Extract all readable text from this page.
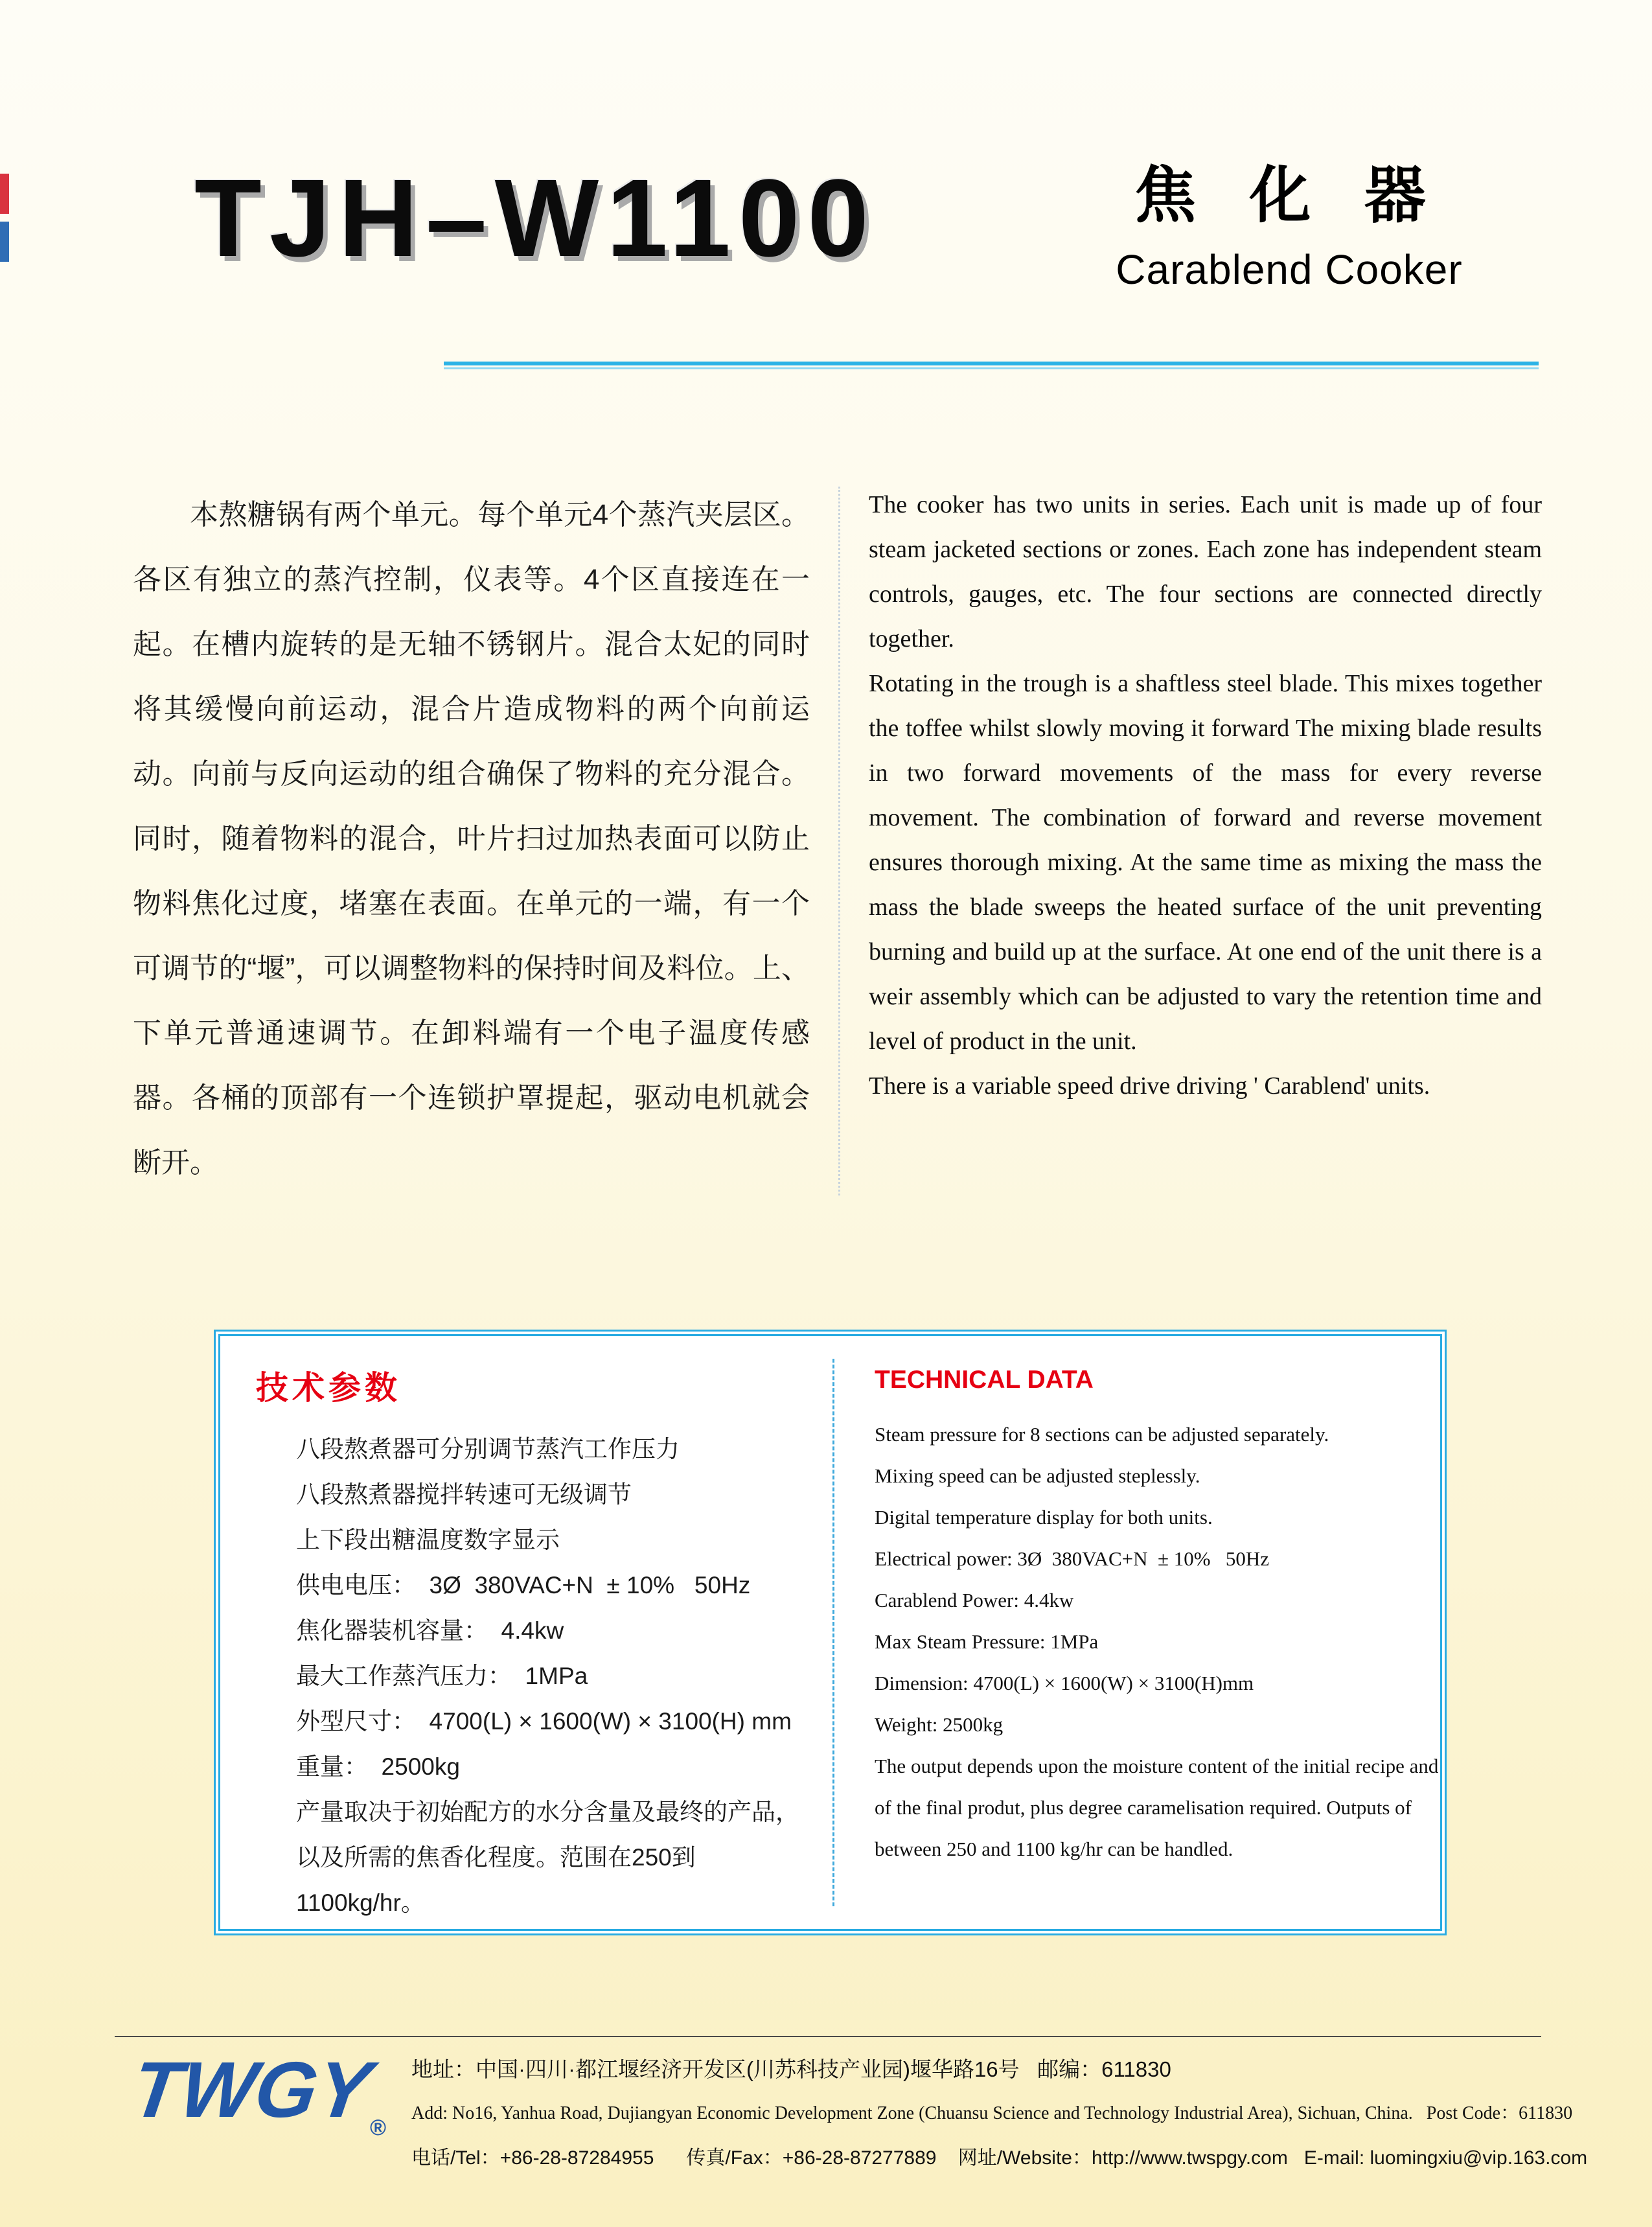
TJH–W1100	焦 化 器
Carablend Cooker

本熬糖锅有两个单元。每个单元4个蒸汽夹层区。各区有独立的蒸汽控制，仪表等。4个区直接连在一起。在槽内旋转的是无轴不锈钢片。混合太妃的同时将其缓慢向前运动，混合片造成物料的两个向前运动。向前与反向运动的组合确保了物料的充分混合。同时，随着物料的混合，叶片扫过加热表面可以防止物料焦化过度，堵塞在表面。在单元的一端，有一个可调节的“堰”，可以调整物料的保持时间及料位。上、下单元普通速调节。在卸料端有一个电子温度传感器。各桶的顶部有一个连锁护罩提起，驱动电机就会断开。

The cooker has two units in series. Each unit is made up of four steam jacketed sections or zones. Each zone has independent steam controls, gauges, etc. The four sections are connected directly together.

Rotating in the trough is a shaftless steel blade. This mixes together the toffee whilst slowly moving it forward The mixing blade results in two forward movements of the mass for every reverse movement. The combination of forward and reverse movement ensures thorough mixing. At the same time as mixing the mass the mass the blade sweeps the heated surface of the unit preventing burning and build up at the surface. At one end of the unit there is a weir assembly which can be adjusted to vary the retention time and level of product in the unit.

There is a variable speed drive driving ' Carablend' units.

技术参数
八段熬煮器可分别调节蒸汽工作压力
八段熬煮器搅拌转速可无级调节
上下段出糖温度数字显示
供电电压：  3Ø  380VAC+N  ± 10%   50Hz
焦化器装机容量：  4.4kw
最大工作蒸汽压力：  1MPa
外型尺寸：  4700(L) × 1600(W) × 3100(H) mm
重量：  2500kg
产量取决于初始配方的水分含量及最终的产品，以及所需的焦香化程度。范围在250到1100kg/hr。
TECHNICAL DATA
Steam pressure for 8 sections can be adjusted separately.
Mixing speed can be adjusted steplessly.
Digital temperature display for both units.
Electrical power: 3Ø  380VAC+N  ± 10%   50Hz
Carablend Power: 4.4kw
Max Steam Pressure: 1MPa
Dimension: 4700(L) × 1600(W) × 3100(H)mm
Weight: 2500kg
The output depends upon the moisture content of the initial recipe and of the final produt, plus degree caramelisation required. Outputs of between 250 and 1100 kg/hr can be handled.
TWGY®
地址：中国·四川·都江堰经济开发区(川苏科技产业园)堰华路16号   邮编：611830
Add: No16, Yanhua Road, Dujiangyan Economic Development Zone (Chuansu Science and Technology Industrial Area), Sichuan, China.   Post Code：611830
电话/Tel：+86-28-87284955      传真/Fax：+86-28-87277889    网址/Website：http://www.twspgy.com   E-mail: luomingxiu@vip.163.com
